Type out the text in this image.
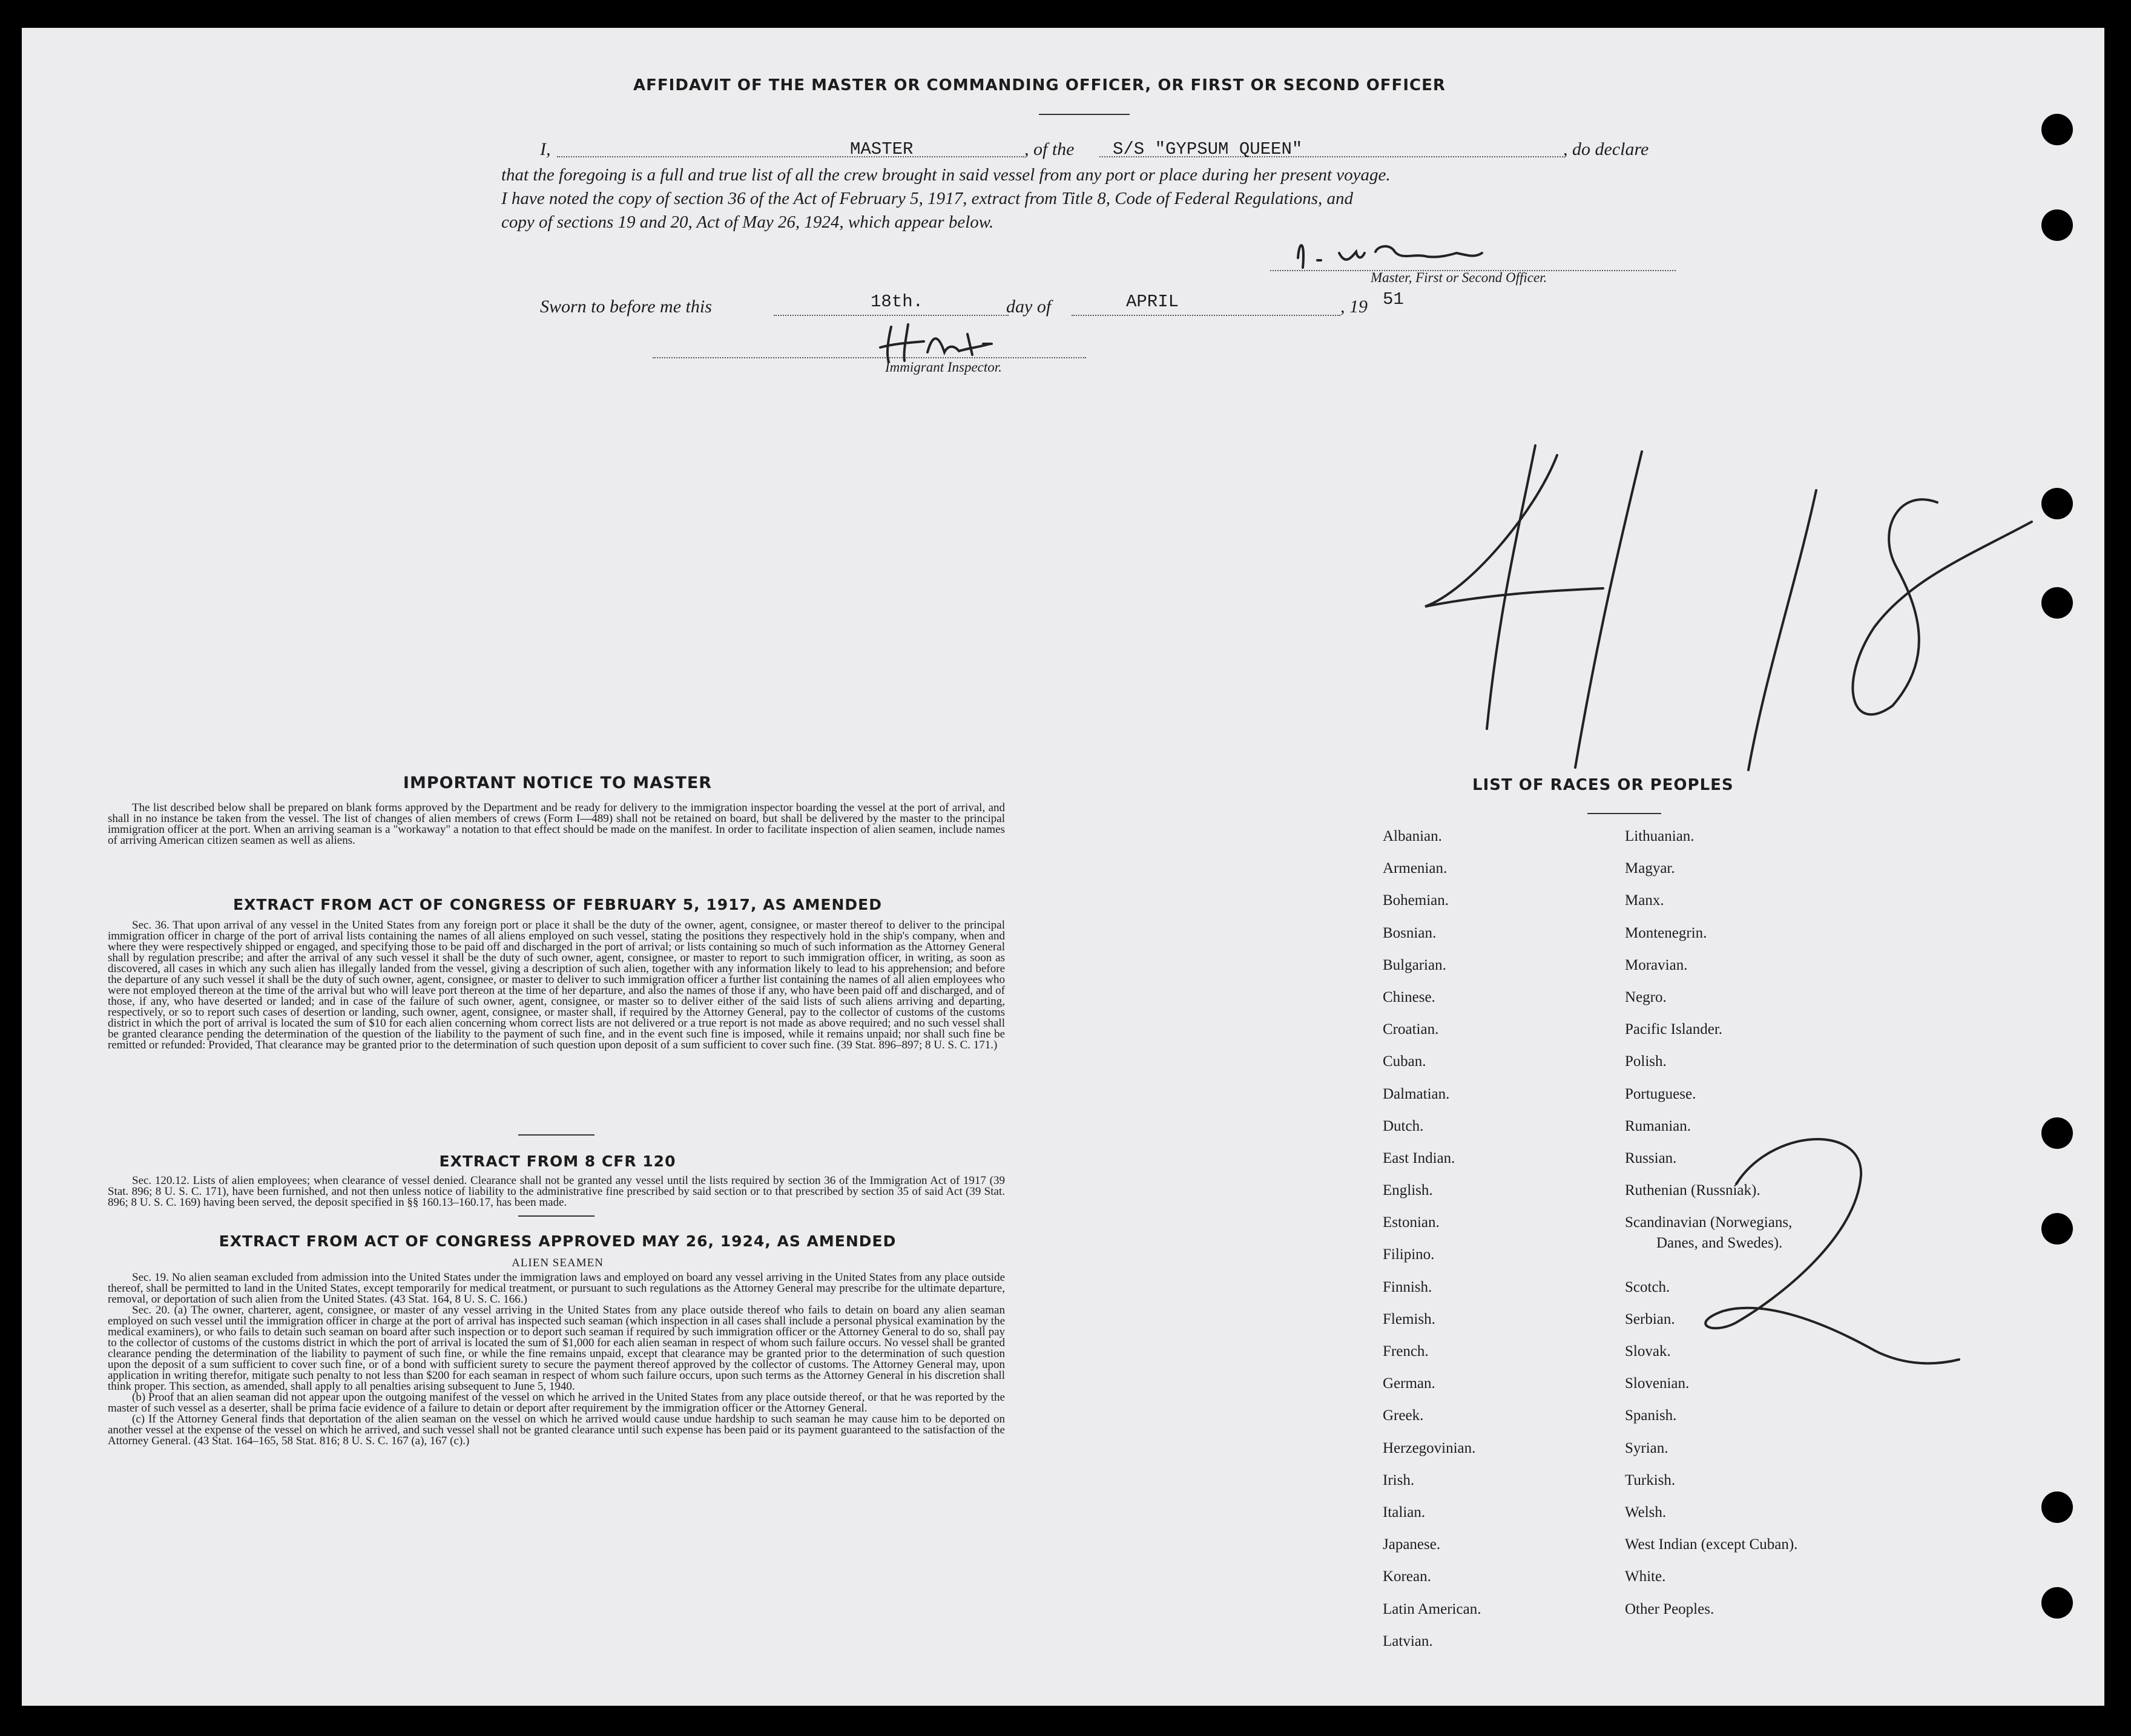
AFFIDAVIT OF THE MASTER OR COMMANDING OFFICER, OR FIRST OR SECOND OFFICER
I,	MASTER	, of the S/S "GYPSUM QUEEN"	, do declare
that the foregoing is a full and true list of all the crew brought in said vessel from any port or place during her present voyage.
I have noted the copy of section 36 of the Act of February 5, 1917, extract from Title 8, Code of Federal Regulations, and
copy of sections 19 and 20, Act of May 26, 1924, which appear below.
Master, First or Second Officer.
Sworn to before me this	18th.	day of	APRIL	, 19 51
Immigrant Inspector.
IMPORTANT NOTICE TO MASTER

The list described below shall be prepared on blank forms approved by the Department and be ready for delivery to the immigration inspector boarding the vessel at the port of arrival, and shall in no instance be taken from the vessel. The list of changes of alien members of crews (Form I—489) shall not be retained on board, but shall be delivered by the master to the principal immigration officer at the port. When an arriving seaman is a "workaway" a notation to that effect should be made on the manifest. In order to facilitate inspection of alien seamen, include names of arriving American citizen seamen as well as aliens.

EXTRACT FROM ACT OF CONGRESS OF FEBRUARY 5, 1917, AS AMENDED

Sec. 36. That upon arrival of any vessel in the United States from any foreign port or place it shall be the duty of the owner, agent, consignee, or master thereof to deliver to the principal immigration officer in charge of the port of arrival lists containing the names of all aliens employed on such vessel, stating the positions they respectively hold in the ship's company, when and where they were respectively shipped or engaged, and specifying those to be paid off and discharged in the port of arrival; or lists containing so much of such information as the Attorney General shall by regulation prescribe; and after the arrival of any such vessel it shall be the duty of such owner, agent, consignee, or master to report to such immigration officer, in writing, as soon as discovered, all cases in which any such alien has illegally landed from the vessel, giving a description of such alien, together with any information likely to lead to his apprehension; and before the departure of any such vessel it shall be the duty of such owner, agent, consignee, or master to deliver to such immigration officer a further list containing the names of all alien employees who were not employed thereon at the time of the arrival but who will leave port thereon at the time of her departure, and also the names of those if any, who have been paid off and discharged, and of those, if any, who have deserted or landed; and in case of the failure of such owner, agent, consignee, or master so to deliver either of the said lists of such aliens arriving and departing, respectively, or so to report such cases of desertion or landing, such owner, agent, consignee, or master shall, if required by the Attorney General, pay to the collector of customs of the customs district in which the port of arrival is located the sum of $10 for each alien concerning whom correct lists are not delivered or a true report is not made as above required; and no such vessel shall be granted clearance pending the determination of the question of the liability to the payment of such fine, and in the event such fine is imposed, while it remains unpaid; nor shall such fine be remitted or refunded: Provided, That clearance may be granted prior to the determination of such question upon deposit of a sum sufficient to cover such fine. (39 Stat. 896–897; 8 U. S. C. 171.)

EXTRACT FROM 8 CFR 120

Sec. 120.12. Lists of alien employees; when clearance of vessel denied. Clearance shall not be granted any vessel until the lists required by section 36 of the Immigration Act of 1917 (39 Stat. 896; 8 U. S. C. 171), have been furnished, and not then unless notice of liability to the administrative fine prescribed by said section or to that prescribed by section 35 of said Act (39 Stat. 896; 8 U. S. C. 169) having been served, the deposit specified in §§ 160.13–160.17, has been made.

EXTRACT FROM ACT OF CONGRESS APPROVED MAY 26, 1924, AS AMENDED
ALIEN SEAMEN

Sec. 19. No alien seaman excluded from admission into the United States under the immigration laws and employed on board any vessel arriving in the United States from any place outside thereof, shall be permitted to land in the United States, except temporarily for medical treatment, or pursuant to such regulations as the Attorney General may prescribe for the ultimate departure, removal, or deportation of such alien from the United States. (43 Stat. 164, 8 U. S. C. 166.)

Sec. 20. (a) The owner, charterer, agent, consignee, or master of any vessel arriving in the United States from any place outside thereof who fails to detain on board any alien seaman employed on such vessel until the immigration officer in charge at the port of arrival has inspected such seaman (which inspection in all cases shall include a personal physical examination by the medical examiners), or who fails to detain such seaman on board after such inspection or to deport such seaman if required by such immigration officer or the Attorney General to do so, shall pay to the collector of customs of the customs district in which the port of arrival is located the sum of $1,000 for each alien seaman in respect of whom such failure occurs. No vessel shall be granted clearance pending the determination of the liability to payment of such fine, or while the fine remains unpaid, except that clearance may be granted prior to the determination of such question upon the deposit of a sum sufficient to cover such fine, or of a bond with sufficient surety to secure the payment thereof approved by the collector of customs. The Attorney General may, upon application in writing therefor, mitigate such penalty to not less than $200 for each seaman in respect of whom such failure occurs, upon such terms as the Attorney General in his discretion shall think proper. This section, as amended, shall apply to all penalties arising subsequent to June 5, 1940.

(b) Proof that an alien seaman did not appear upon the outgoing manifest of the vessel on which he arrived in the United States from any place outside thereof, or that he was reported by the master of such vessel as a deserter, shall be prima facie evidence of a failure to detain or deport after requirement by the immigration officer or the Attorney General.

(c) If the Attorney General finds that deportation of the alien seaman on the vessel on which he arrived would cause undue hardship to such seaman he may cause him to be deported on another vessel at the expense of the vessel on which he arrived, and such vessel shall not be granted clearance until such expense has been paid or its payment guaranteed to the satisfaction of the Attorney General. (43 Stat. 164–165, 58 Stat. 816; 8 U. S. C. 167 (a), 167 (c).)

LIST OF RACES OR PEOPLES
Albanian.
Armenian.
Bohemian.
Bosnian.
Bulgarian.
Chinese.
Croatian.
Cuban.
Dalmatian.
Dutch.
East Indian.
English.
Estonian.
Filipino.
Finnish.
Flemish.
French.
German.
Greek.
Herzegovinian.
Irish.
Italian.
Japanese.
Korean.
Latin American.
Latvian.
Lithuanian.
Magyar.
Manx.
Montenegrin.
Moravian.
Negro.
Pacific Islander.
Polish.
Portuguese.
Rumanian.
Russian.
Ruthenian (Russniak).
Scandinavian (Norwegians,
Scotch.
Serbian.
Slovak.
Slovenian.
Spanish.
Syrian.
Turkish.
Welsh.
West Indian (except Cuban).
White.
Other Peoples.
Danes, and Swedes).
